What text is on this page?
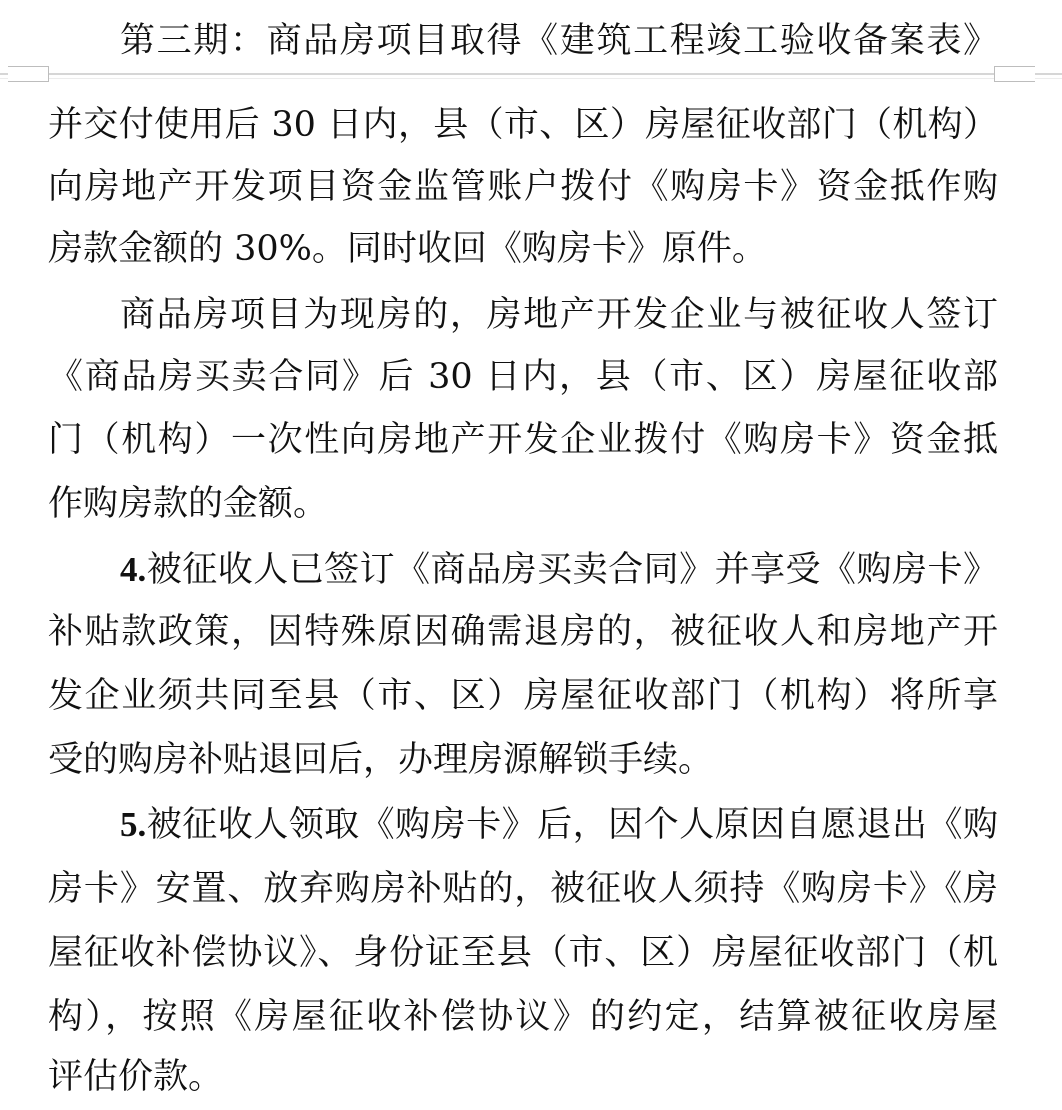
第三期：商品房项目取得《建筑工程竣工验收备案表》
并交付使用后 30 日内，县（市、区）房屋征收部门（机构）
向房地产开发项目资金监管账户拨付《购房卡》资金抵作购
房款金额的 30%。同时收回《购房卡》原件。
商品房项目为现房的，房地产开发企业与被征收人签订
《商品房买卖合同》后 30 日内，县（市、区）房屋征收部
门（机构）一次性向房地产开发企业拨付《购房卡》资金抵
作购房款的金额。
4.被征收人已签订《商品房买卖合同》并享受《购房卡》
补贴款政策，因特殊原因确需退房的，被征收人和房地产开
发企业须共同至县（市、区）房屋征收部门（机构）将所享
受的购房补贴退回后，办理房源解锁手续。
5.被征收人领取《购房卡》后，因个人原因自愿退出《购
房卡》安置、放弃购房补贴的，被征收人须持《购房卡》《房
屋征收补偿协议》、身份证至县（市、区）房屋征收部门（机
构），按照《房屋征收补偿协议》的约定，结算被征收房屋
评估价款。
